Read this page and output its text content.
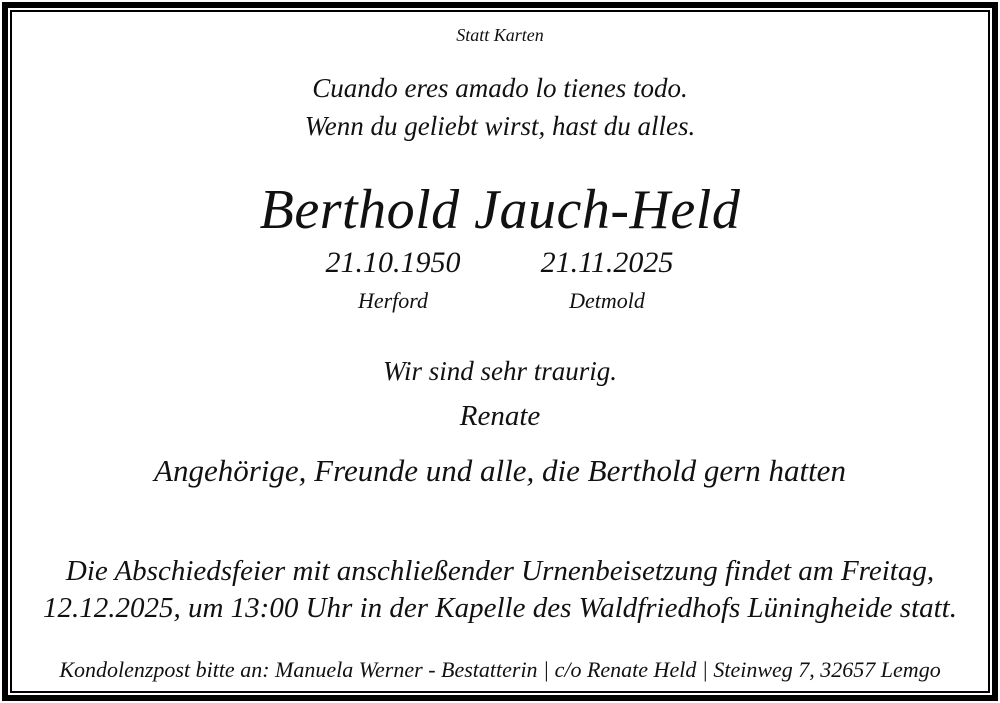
Statt Karten
Cuando eres amado lo tienes todo.
Wenn du geliebt wirst, hast du alles.
Berthold Jauch-Held
21.10.1950
Herford
21.11.2025
Detmold
Wir sind sehr traurig.
Renate
Angehörige, Freunde und alle, die Berthold gern hatten
Die Abschiedsfeier mit anschließender Urnenbeisetzung findet am Freitag,
12.12.2025, um 13:00 Uhr in der Kapelle des Waldfriedhofs Lüningheide statt.
Kondolenzpost bitte an: Manuela Werner - Bestatterin | c/o Renate Held | Steinweg 7, 32657 Lemgo
